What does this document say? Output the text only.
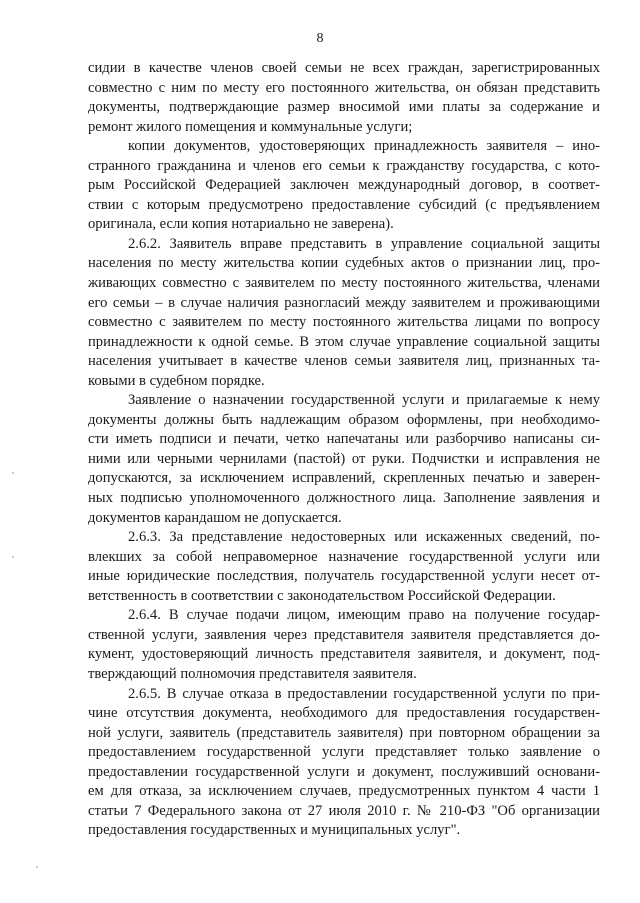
8
сидии в качестве членов своей семьи не всех граждан, зарегистрированных
совместно с ним по месту его постоянного жительства, он обязан представить
документы, подтверждающие размер вносимой ими платы за содержание и
ремонт жилого помещения и коммунальные услуги;
копии документов, удостоверяющих принадлежность заявителя – ино-
странного гражданина и членов его семьи к гражданству государства, с кото-
рым Российской Федерацией заключен международный договор, в соответ-
ствии с которым предусмотрено предоставление субсидий (с предъявлением
оригинала, если копия нотариально не заверена).
2.6.2. Заявитель вправе представить в управление социальной защиты
населения по месту жительства копии судебных актов о признании лиц, про-
живающих совместно с заявителем по месту постоянного жительства, членами
его семьи – в случае наличия разногласий между заявителем и проживающими
совместно с заявителем по месту постоянного жительства лицами по вопросу
принадлежности к одной семье. В этом случае управление социальной защиты
населения учитывает в качестве членов семьи заявителя лиц, признанных та-
ковыми в судебном порядке.
Заявление о назначении государственной услуги и прилагаемые к нему
документы должны быть надлежащим образом оформлены, при необходимо-
сти иметь подписи и печати, четко напечатаны или разборчиво написаны си-
ними или черными чернилами (пастой) от руки. Подчистки и исправления не
допускаются, за исключением исправлений, скрепленных печатью и заверен-
ных подписью уполномоченного должностного лица. Заполнение заявления и
документов карандашом не допускается.
2.6.3. За представление недостоверных или искаженных сведений, по-
влекших за собой неправомерное назначение государственной услуги или
иные юридические последствия, получатель государственной услуги несет от-
ветственность в соответствии с законодательством Российской Федерации.
2.6.4. В случае подачи лицом, имеющим право на получение государ-
ственной услуги, заявления через представителя заявителя представляется до-
кумент, удостоверяющий личность представителя заявителя, и документ, под-
тверждающий полномочия представителя заявителя.
2.6.5. В случае отказа в предоставлении государственной услуги по при-
чине отсутствия документа, необходимого для предоставления государствен-
ной услуги, заявитель (представитель заявителя) при повторном обращении за
предоставлением государственной услуги представляет только заявление о
предоставлении государственной услуги и документ, послуживший основани-
ем для отказа, за исключением случаев, предусмотренных пунктом 4 части 1
статьи 7 Федерального закона от 27 июля 2010 г. № 210-ФЗ "Об организации
предоставления государственных и муниципальных услуг".
